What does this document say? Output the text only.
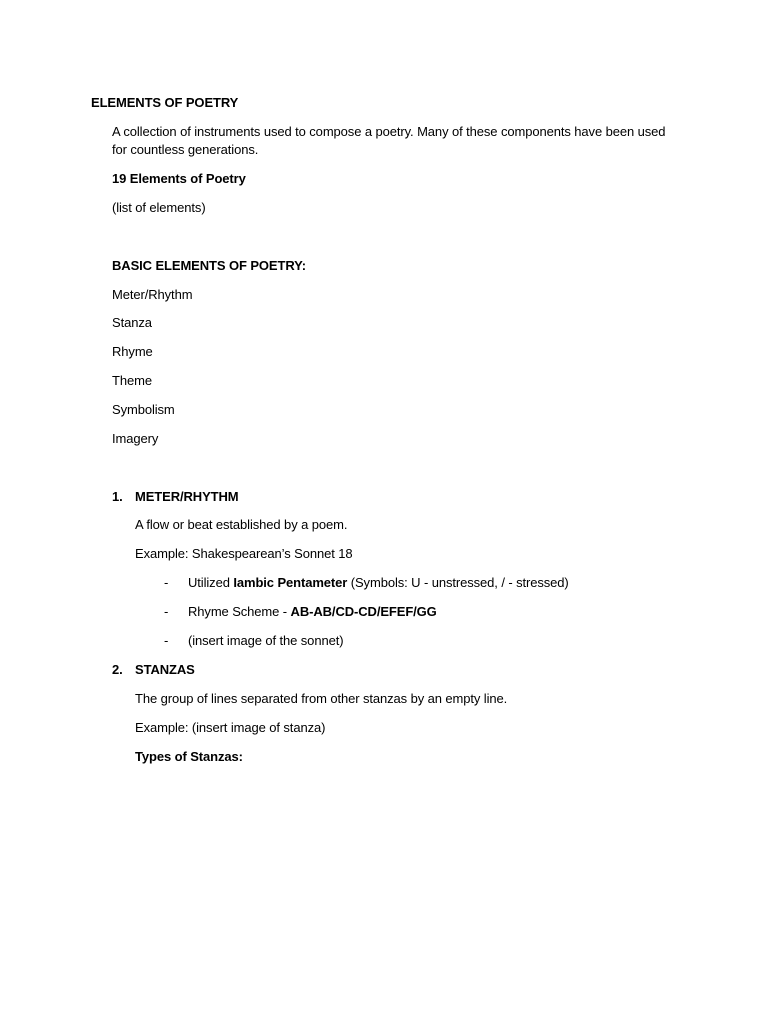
ELEMENTS OF POETRY
A collection of instruments used to compose a poetry. Many of these components have been used
for countless generations.
19 Elements of Poetry
(list of elements)
BASIC ELEMENTS OF POETRY:
Meter/Rhythm
Stanza
Rhyme
Theme
Symbolism
Imagery
1. METER/RHYTHM
A flow or beat established by a poem.
Example: Shakespearean’s Sonnet 18
- Utilized Iambic Pentameter (Symbols: U - unstressed, / - stressed)
- Rhyme Scheme - AB-AB/CD-CD/EFEF/GG
- (insert image of the sonnet)
2. STANZAS
The group of lines separated from other stanzas by an empty line.
Example: (insert image of stanza)
Types of Stanzas:
